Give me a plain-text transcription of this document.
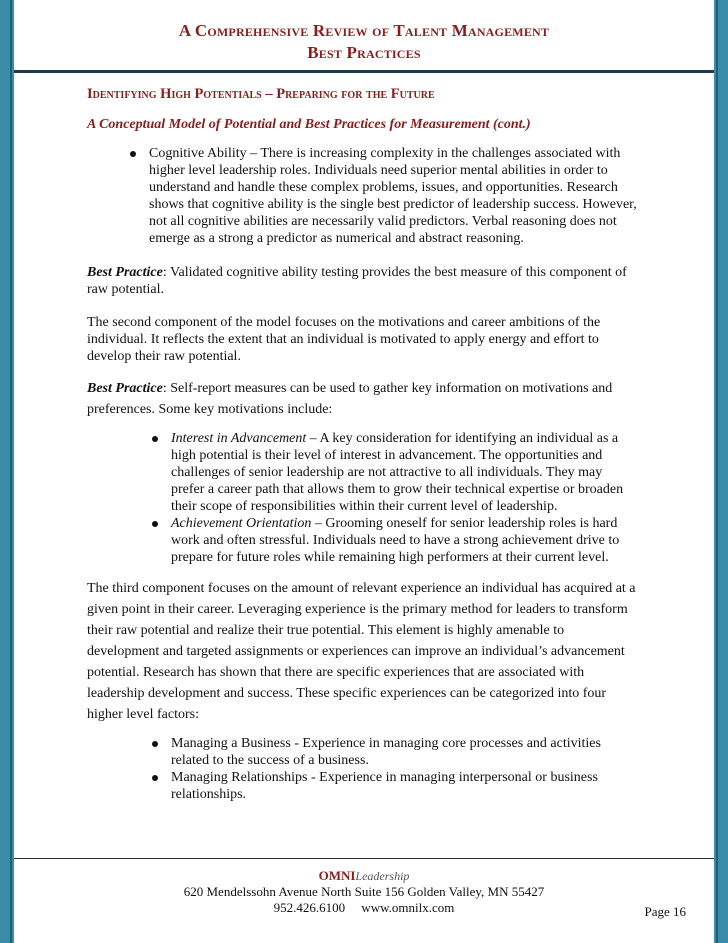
A Comprehensive Review of Talent Management
Best Practices
Identifying High Potentials – Preparing for the Future
A Conceptual Model of Potential and Best Practices for Measurement (cont.)
Cognitive Ability – There is increasing complexity in the challenges associated with higher level leadership roles. Individuals need superior mental abilities in order to understand and handle these complex problems, issues, and opportunities. Research shows that cognitive ability is the single best predictor of leadership success. However, not all cognitive abilities are necessarily valid predictors. Verbal reasoning does not emerge as a strong a predictor as numerical and abstract reasoning.

Best Practice: Validated cognitive ability testing provides the best measure of this component of raw potential.

The second component of the model focuses on the motivations and career ambitions of the individual. It reflects the extent that an individual is motivated to apply energy and effort to develop their raw potential.

Best Practice: Self-report measures can be used to gather key information on motivations and preferences. Some key motivations include:

Interest in Advancement – A key consideration for identifying an individual as a high potential is their level of interest in advancement. The opportunities and challenges of senior leadership are not attractive to all individuals. They may prefer a career path that allows them to grow their technical expertise or broaden their scope of responsibilities within their current level of leadership.
Achievement Orientation – Grooming oneself for senior leadership roles is hard work and often stressful. Individuals need to have a strong achievement drive to prepare for future roles while remaining high performers at their current level.

The third component focuses on the amount of relevant experience an individual has acquired at a given point in their career. Leveraging experience is the primary method for leaders to transform their raw potential and realize their true potential. This element is highly amenable to development and targeted assignments or experiences can improve an individual’s advancement potential. Research has shown that there are specific experiences that are associated with leadership development and success. These specific experiences can be categorized into four higher level factors:

Managing a Business - Experience in managing core processes and activities related to the success of a business.
Managing Relationships - Experience in managing interpersonal or business relationships.
OMNILeadership
620 Mendelssohn Avenue North Suite 156 Golden Valley, MN 55427
952.426.6100 www.omnilx.com	Page 16
